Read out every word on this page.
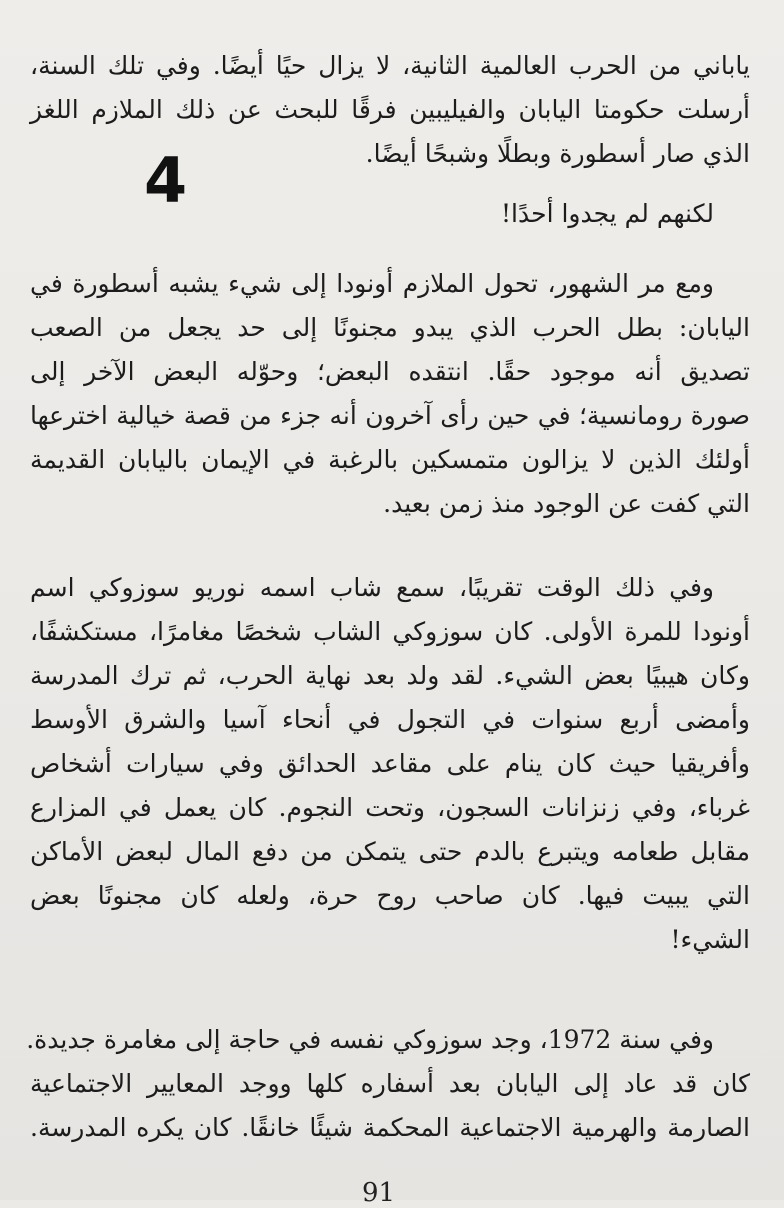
4
ياباني من الحرب العالمية الثانية، لا يزال حيًا أيضًا. وفي تلك السنة،
أرسلت حكومتا اليابان والفيليبين فرقًا للبحث عن ذلك الملازم اللغز
الذي صار أسطورة وبطلًا وشبحًا أيضًا.
لكنهم لم يجدوا أحدًا!
ومع مر الشهور، تحول الملازم أونودا إلى شيء يشبه أسطورة في
اليابان: بطل الحرب الذي يبدو مجنونًا إلى حد يجعل من الصعب
تصديق أنه موجود حقًا. انتقده البعض؛ وحوّله البعض الآخر إلى
صورة رومانسية؛ في حين رأى آخرون أنه جزء من قصة خيالية اخترعها
أولئك الذين لا يزالون متمسكين بالرغبة في الإيمان باليابان القديمة
التي كفت عن الوجود منذ زمن بعيد.
وفي ذلك الوقت تقريبًا، سمع شاب اسمه نوريو سوزوكي اسم
أونودا للمرة الأولى. كان سوزوكي الشاب شخصًا مغامرًا، مستكشفًا،
وكان هيبيًا بعض الشيء. لقد ولد بعد نهاية الحرب، ثم ترك المدرسة
وأمضى أربع سنوات في التجول في أنحاء آسيا والشرق الأوسط
وأفريقيا حيث كان ينام على مقاعد الحدائق وفي سيارات أشخاص
غرباء، وفي زنزانات السجون، وتحت النجوم. كان يعمل في المزارع
مقابل طعامه ويتبرع بالدم حتى يتمكن من دفع المال لبعض الأماكن
التي يبيت فيها. كان صاحب روح حرة، ولعله كان مجنونًا بعض
الشيء!
وفي سنة 1972، وجد سوزوكي نفسه في حاجة إلى مغامرة جديدة.
كان قد عاد إلى اليابان بعد أسفاره كلها ووجد المعايير الاجتماعية
الصارمة والهرمية الاجتماعية المحكمة شيئًا خانقًا. كان يكره المدرسة.
91
